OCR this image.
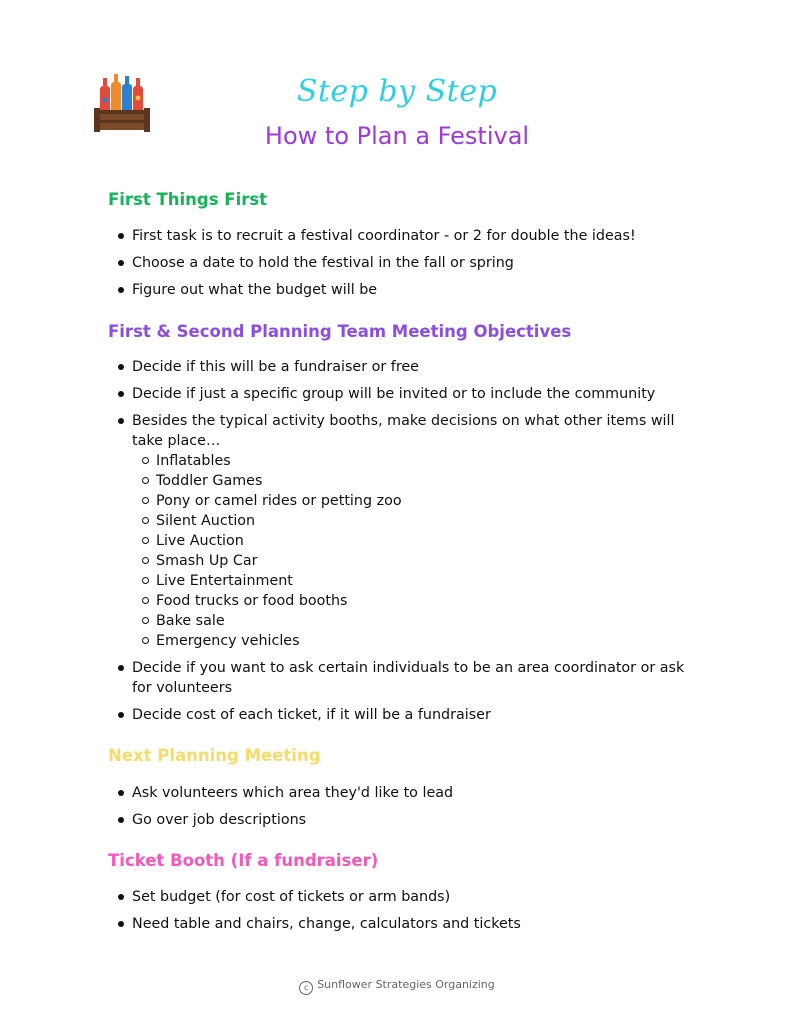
Step by Step
How to Plan a Festival
First Things First
First task is to recruit a festival coordinator - or 2 for double the ideas!
Choose a date to hold the festival in the fall or spring
Figure out what the budget will be
First & Second Planning Team Meeting Objectives
Decide if this will be a fundraiser or free
Decide if just a specific group will be invited or to include the community
Besides the typical activity booths, make decisions on what other items will take place…
Inflatables
Toddler Games
Pony or camel rides or petting zoo
Silent Auction
Live Auction
Smash Up Car
Live Entertainment
Food trucks or food booths
Bake sale
Emergency vehicles
Decide if you want to ask certain individuals to be an area coordinator or ask for volunteers
Decide cost of each ticket, if it will be a fundraiser
Next Planning Meeting
Ask volunteers which area they'd like to lead
Go over job descriptions
Ticket Booth (If a fundraiser)
Set budget (for cost of tickets or arm bands)
Need table and chairs, change, calculators and tickets
c Sunflower Strategies Organizing
